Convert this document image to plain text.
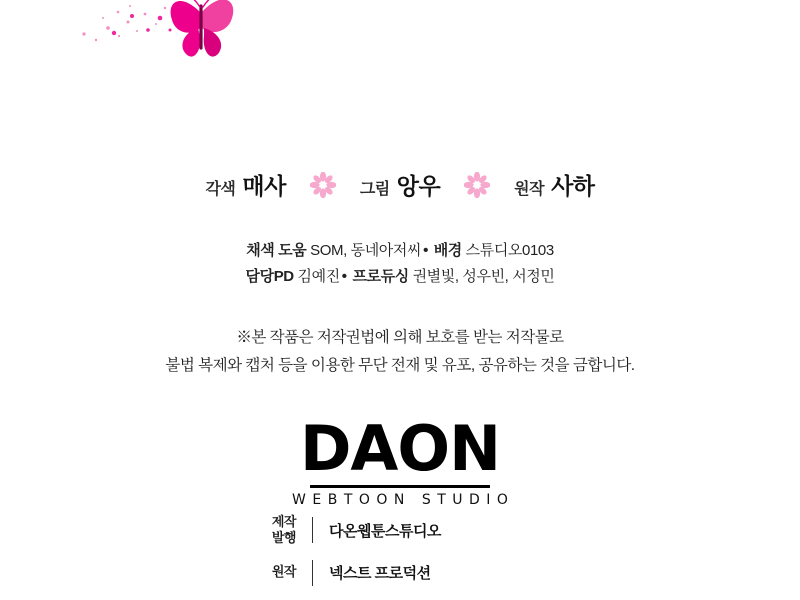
각색 매사	그림 앙우	원작 사하
채색 도움 SOM, 동네아저씨 • 배경 스튜디오0103
담당PD 김예진 • 프로듀싱 권별빛, 성우빈, 서정민
※본 작품은 저작권법에 의해 보호를 받는 저작물로
불법 복제와 캡처 등을 이용한 무단 전재 및 유포, 공유하는 것을 금합니다.
DAON
WEBTOON STUDIO
제작
발행 다온웹툰스튜디오
원작 넥스트 프로덕션
